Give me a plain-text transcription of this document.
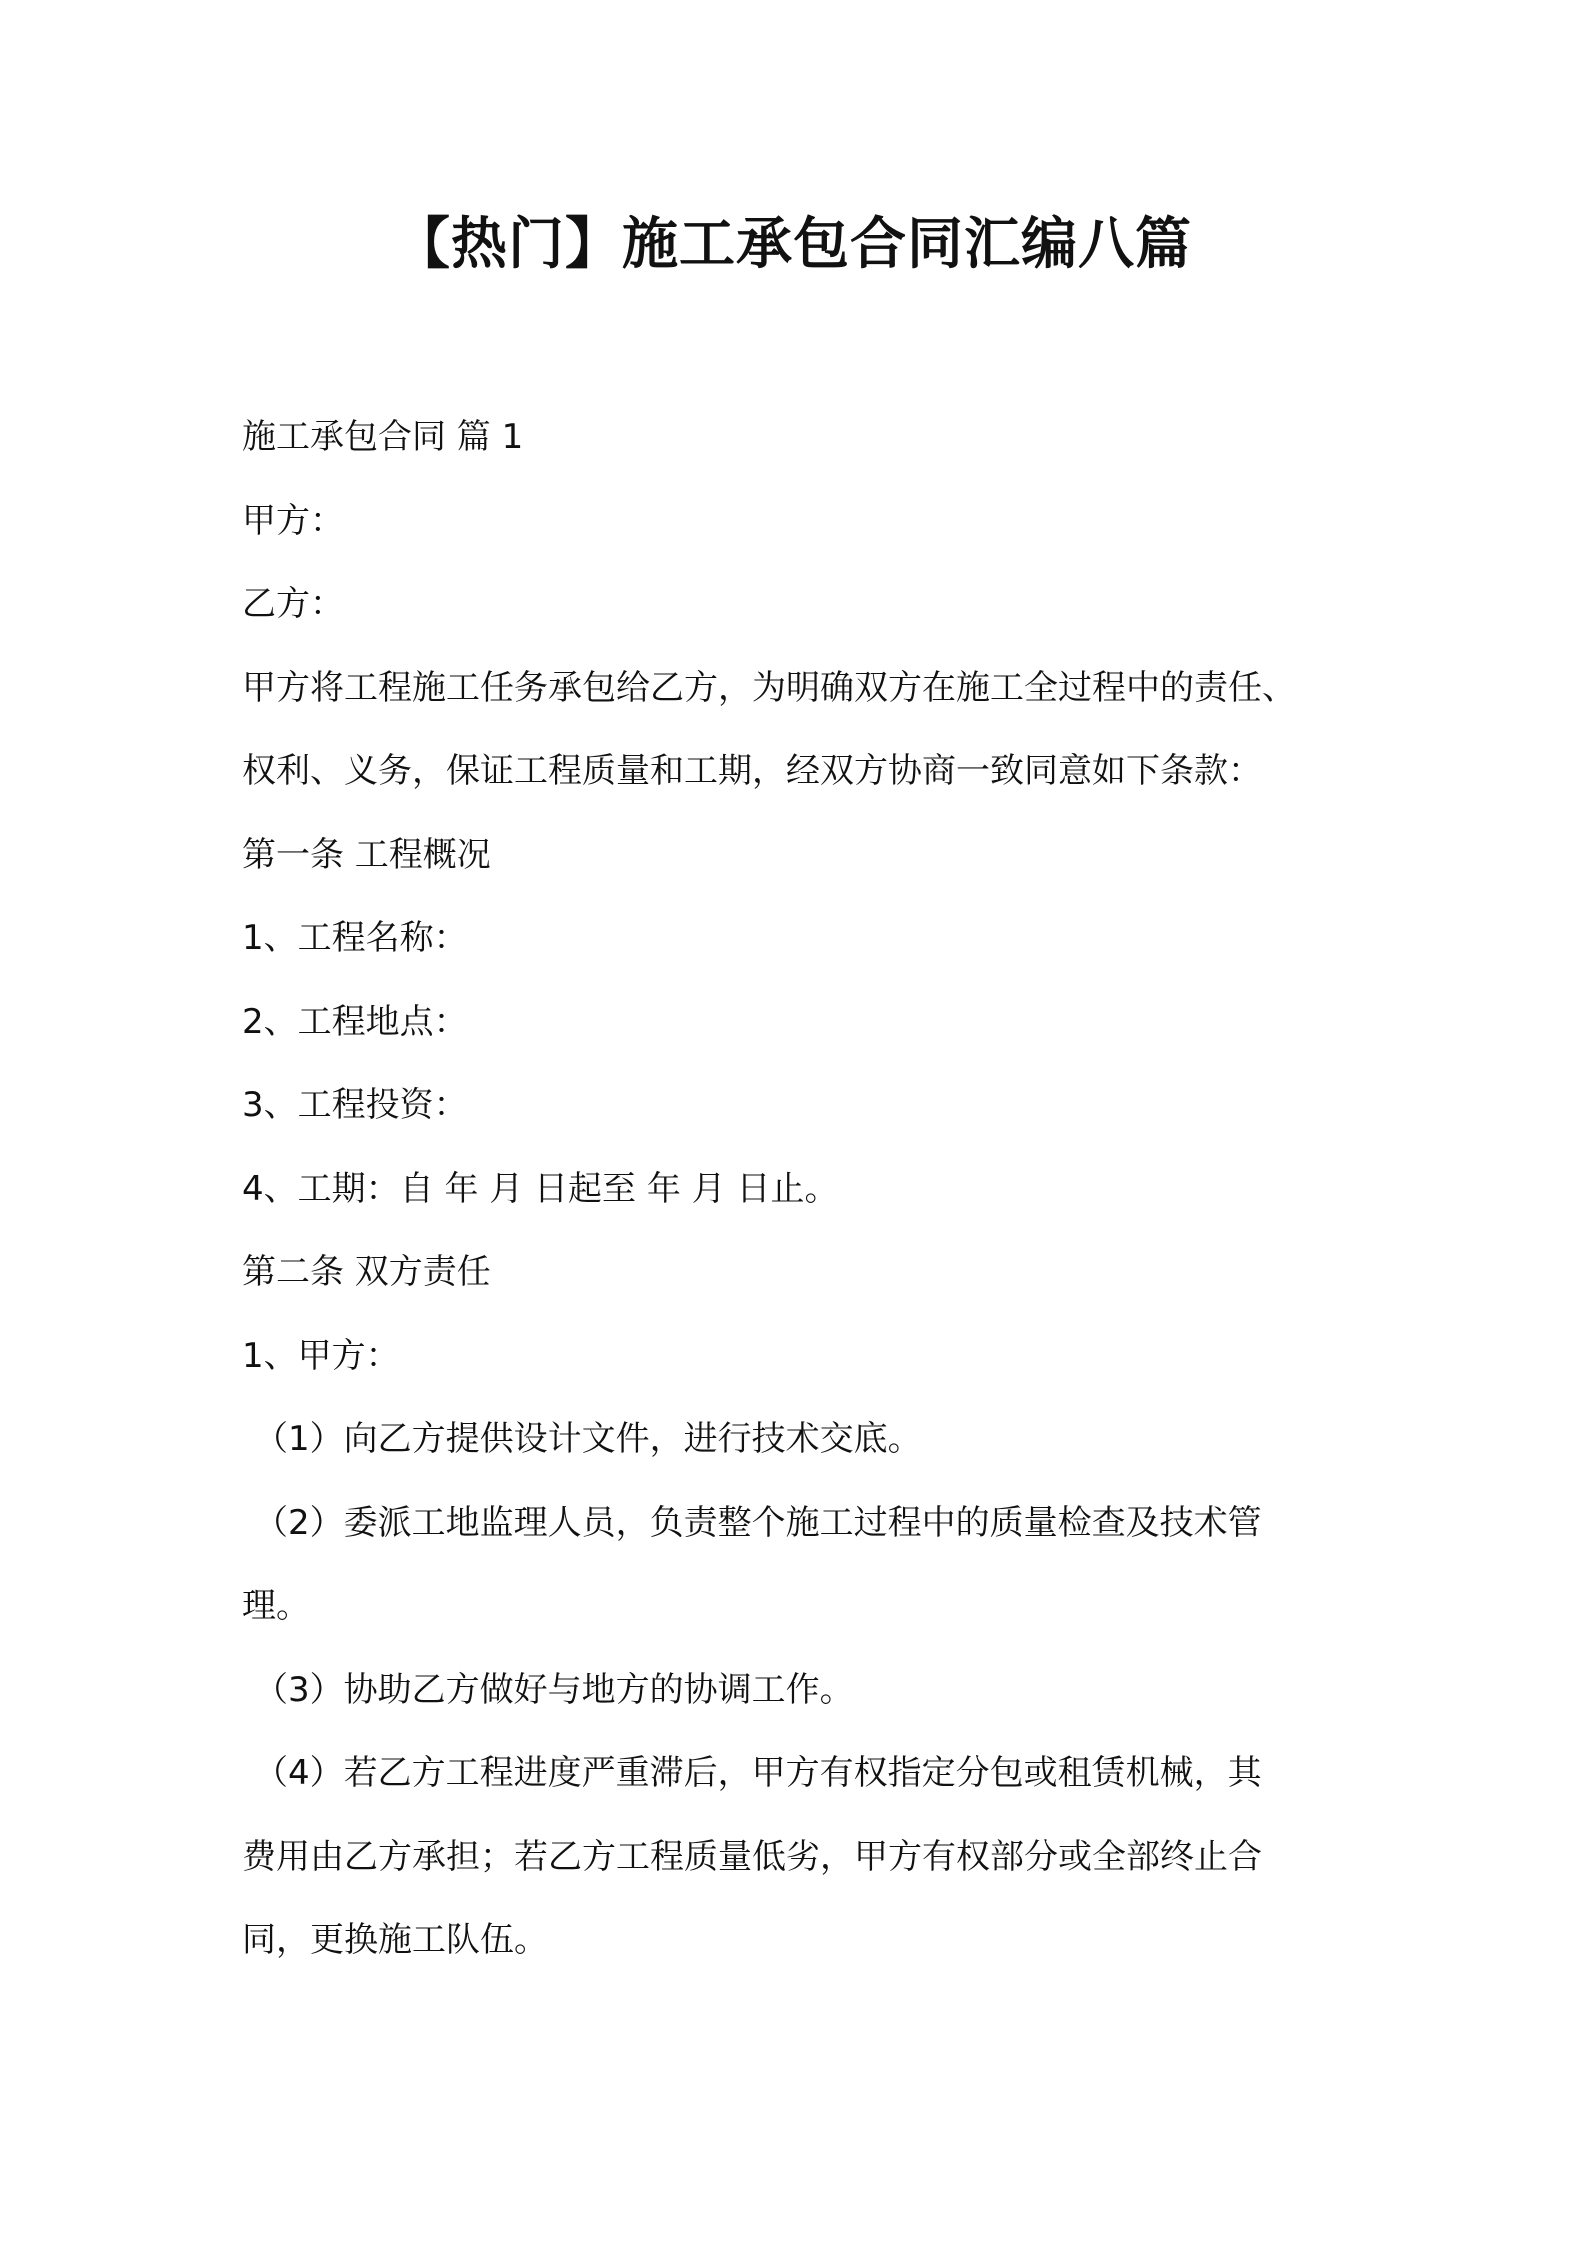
【热门】施工承包合同汇编八篇

施工承包合同 篇 1

甲方：

乙方：

甲方将工程施工任务承包给乙方，为明确双方在施工全过程中的责任、

权利、义务，保证工程质量和工期，经双方协商一致同意如下条款：

第一条 工程概况

1、工程名称：

2、工程地点：

3、工程投资：

4、工期：自 年 月 日起至 年 月 日止。

第二条 双方责任

1、甲方：

（1）向乙方提供设计文件，进行技术交底。

（2）委派工地监理人员，负责整个施工过程中的质量检查及技术管

理。

（3）协助乙方做好与地方的协调工作。

（4）若乙方工程进度严重滞后，甲方有权指定分包或租赁机械，其

费用由乙方承担；若乙方工程质量低劣，甲方有权部分或全部终止合

同，更换施工队伍。
